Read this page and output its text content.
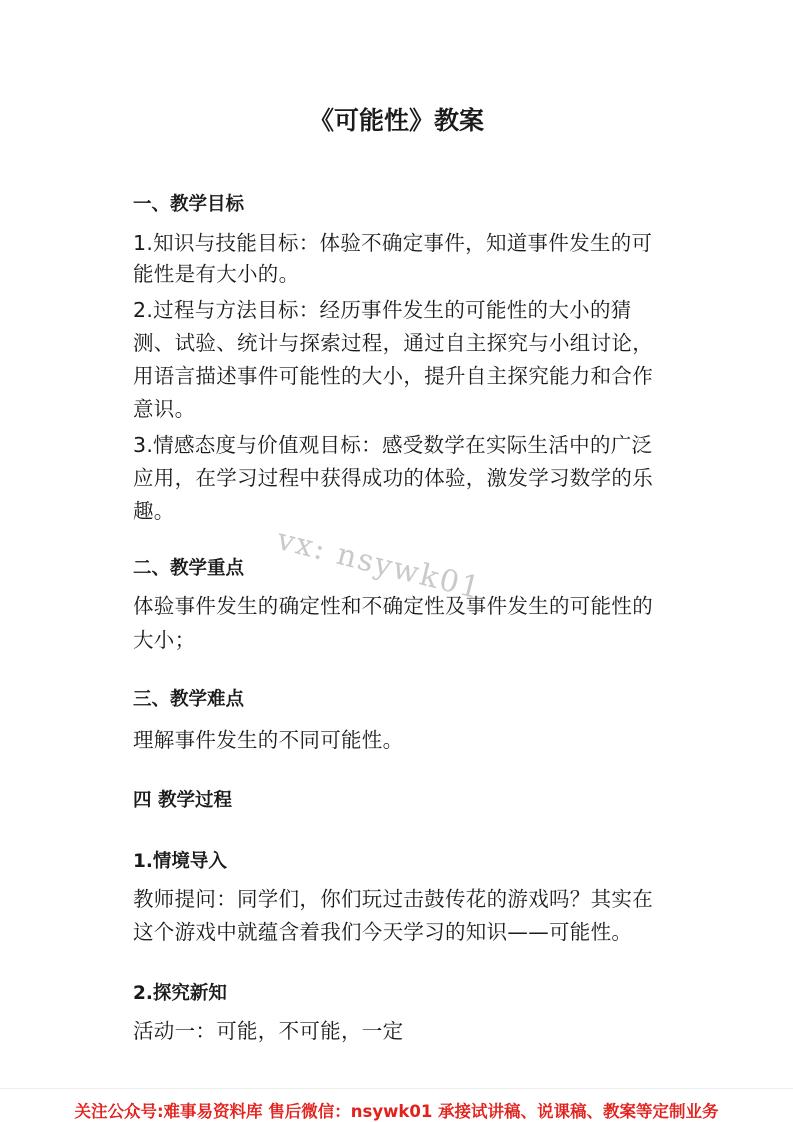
《可能性》教案
一、教学目标
1.知识与技能目标：体验不确定事件，知道事件发生的可
能性是有大小的。
2.过程与方法目标：经历事件发生的可能性的大小的猜
测、试验、统计与探索过程，通过自主探究与小组讨论，
用语言描述事件可能性的大小，提升自主探究能力和合作
意识。
3.情感态度与价值观目标：感受数学在实际生活中的广泛
应用，在学习过程中获得成功的体验，激发学习数学的乐
趣。
vx: nsywk01
二、教学重点
体验事件发生的确定性和不确定性及事件发生的可能性的
大小；
三、教学难点
理解事件发生的不同可能性。
四 教学过程
1.情境导入
教师提问：同学们，你们玩过击鼓传花的游戏吗？其实在
这个游戏中就蕴含着我们今天学习的知识——可能性。
2.探究新知
活动一：可能，不可能，一定
关注公众号:难事易资料库 售后微信：nsywk01 承接试讲稿、说课稿、教案等定制业务
